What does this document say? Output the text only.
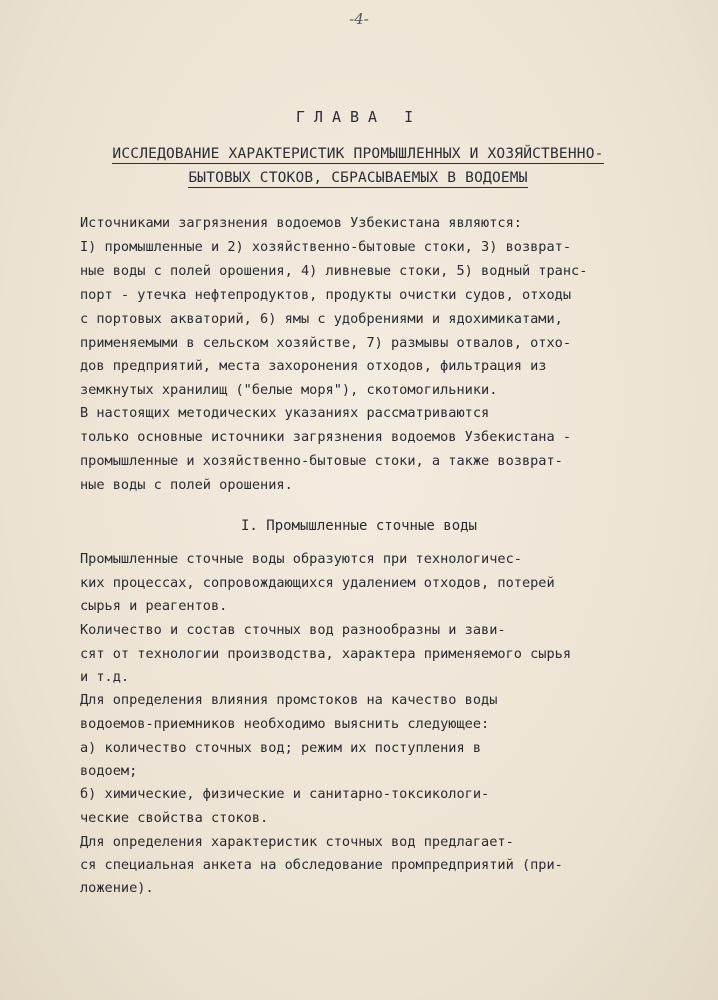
-4-
ГЛАВА I
ИССЛЕДОВАНИЕ ХАРАКТЕРИСТИК ПРОМЫШЛЕННЫХ И ХОЗЯЙСТВЕННО-
БЫТОВЫХ СТОКОВ, СБРАСЫВАЕМЫХ В ВОДОЕМЫ
Источниками загрязнения водоемов Узбекистана являются:
I) промышленные и 2) хозяйственно-бытовые стоки, 3) возврат-
ные воды с полей орошения, 4) ливневые стоки, 5) водный транс-
порт - утечка нефтепродуктов, продукты очистки судов, отходы
с портовых акваторий, 6) ямы с удобрениями и ядохимикатами,
применяемыми в сельском хозяйстве, 7) размывы отвалов, отхо-
дов предприятий, места захоронения отходов, фильтрация из
земкнутых хранилищ ("белые моря"), скотомогильники.
В настоящих методических указаниях рассматриваются
только основные источники загрязнения водоемов Узбекистана -
промышленные и хозяйственно-бытовые стоки, а также возврат-
ные воды с полей орошения.
I. Промышленные сточные воды
Промышленные сточные воды образуются при технологичес-
ких процессах, сопровождающихся удалением отходов, потерей
сырья и реагентов.
Количество и состав сточных вод разнообразны и зави-
сят от технологии производства, характера применяемого сырья
и т.д.
Для определения влияния промстоков на качество воды
водоемов-приемников необходимо выяснить следующее:
а) количество сточных вод; режим их поступления в
водоем;
б) химические, физические и санитарно-токсикологи-
ческие свойства стоков.
Для определения характеристик сточных вод предлагает-
ся специальная анкета на обследование промпредприятий (при-
ложение).
